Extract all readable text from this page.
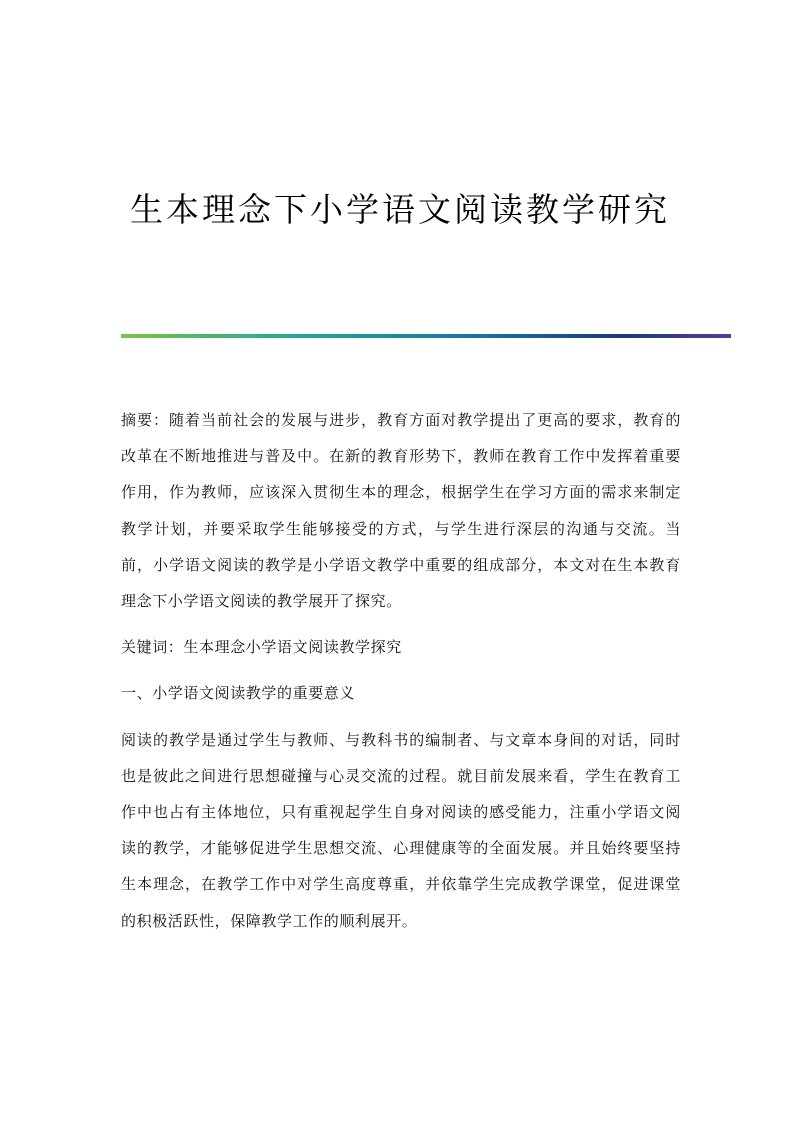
生本理念下小学语文阅读教学研究

摘要：随着当前社会的发展与进步，教育方面对教学提出了更高的要求，教育的改革在不断地推进与普及中。在新的教育形势下，教师在教育工作中发挥着重要作用，作为教师，应该深入贯彻生本的理念，根据学生在学习方面的需求来制定教学计划，并要采取学生能够接受的方式，与学生进行深层的沟通与交流。当前，小学语文阅读的教学是小学语文教学中重要的组成部分，本文对在生本教育理念下小学语文阅读的教学展开了探究。

关键词：生本理念小学语文阅读教学探究

一、小学语文阅读教学的重要意义

阅读的教学是通过学生与教师、与教科书的编制者、与文章本身间的对话，同时也是彼此之间进行思想碰撞与心灵交流的过程。就目前发展来看，学生在教育工作中也占有主体地位，只有重视起学生自身对阅读的感受能力，注重小学语文阅读的教学，才能够促进学生思想交流、心理健康等的全面发展。并且始终要坚持生本理念，在教学工作中对学生高度尊重，并依靠学生完成教学课堂，促进课堂的积极活跃性，保障教学工作的顺利展开。
